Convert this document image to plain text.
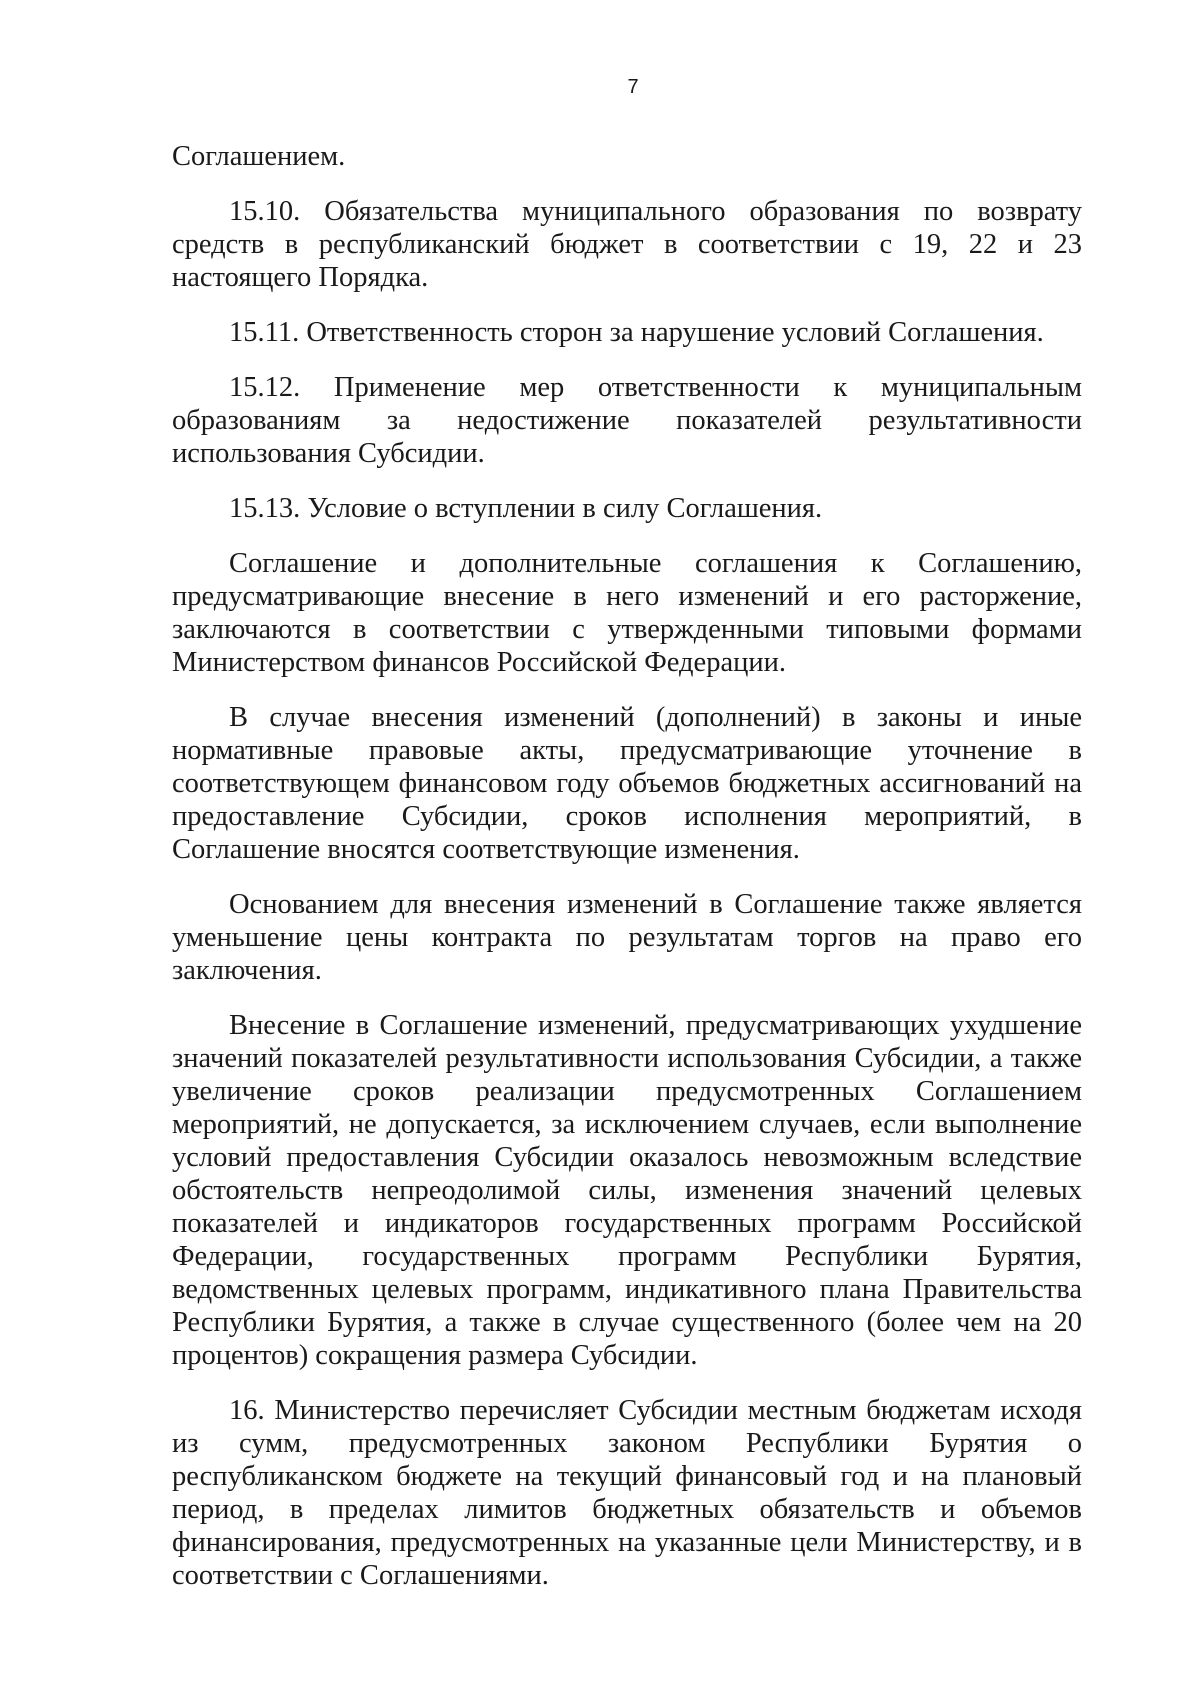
7

Соглашением.

15.10. Обязательства муниципального образования по возврату средств в республиканский бюджет в соответствии с 19, 22 и 23 настоящего Порядка.

15.11. Ответственность сторон за нарушение условий Соглашения.

15.12. Применение мер ответственности к муниципальным образованиям за недостижение показателей результативности использования Субсидии.

15.13. Условие о вступлении в силу Соглашения.

Соглашение и дополнительные соглашения к Соглашению, предусматривающие внесение в него изменений и его расторжение, заключаются в соответствии с утвержденными типовыми формами Министерством финансов Российской Федерации.

В случае внесения изменений (дополнений) в законы и иные нормативные правовые акты, предусматривающие уточнение в соответствующем финансовом году объемов бюджетных ассигнований на предоставление Субсидии, сроков исполнения мероприятий, в Соглашение вносятся соответствующие изменения.

Основанием для внесения изменений в Соглашение также является уменьшение цены контракта по результатам торгов на право его заключения.

Внесение в Соглашение изменений, предусматривающих ухудшение значений показателей результативности использования Субсидии, а также увеличение сроков реализации предусмотренных Соглашением мероприятий, не допускается, за исключением случаев, если выполнение условий предоставления Субсидии оказалось невозможным вследствие обстоятельств непреодолимой силы, изменения значений целевых показателей и индикаторов государственных программ Российской Федерации, государственных программ Республики Бурятия, ведомственных целевых программ, индикативного плана Правительства Республики Бурятия, а также в случае существенного (более чем на 20 процентов) сокращения размера Субсидии.

16. Министерство перечисляет Субсидии местным бюджетам исходя из сумм, предусмотренных законом Республики Бурятия о республиканском бюджете на текущий финансовый год и на плановый период, в пределах лимитов бюджетных обязательств и объемов финансирования, предусмотренных на указанные цели Министерству, и в соответствии с Соглашениями.
